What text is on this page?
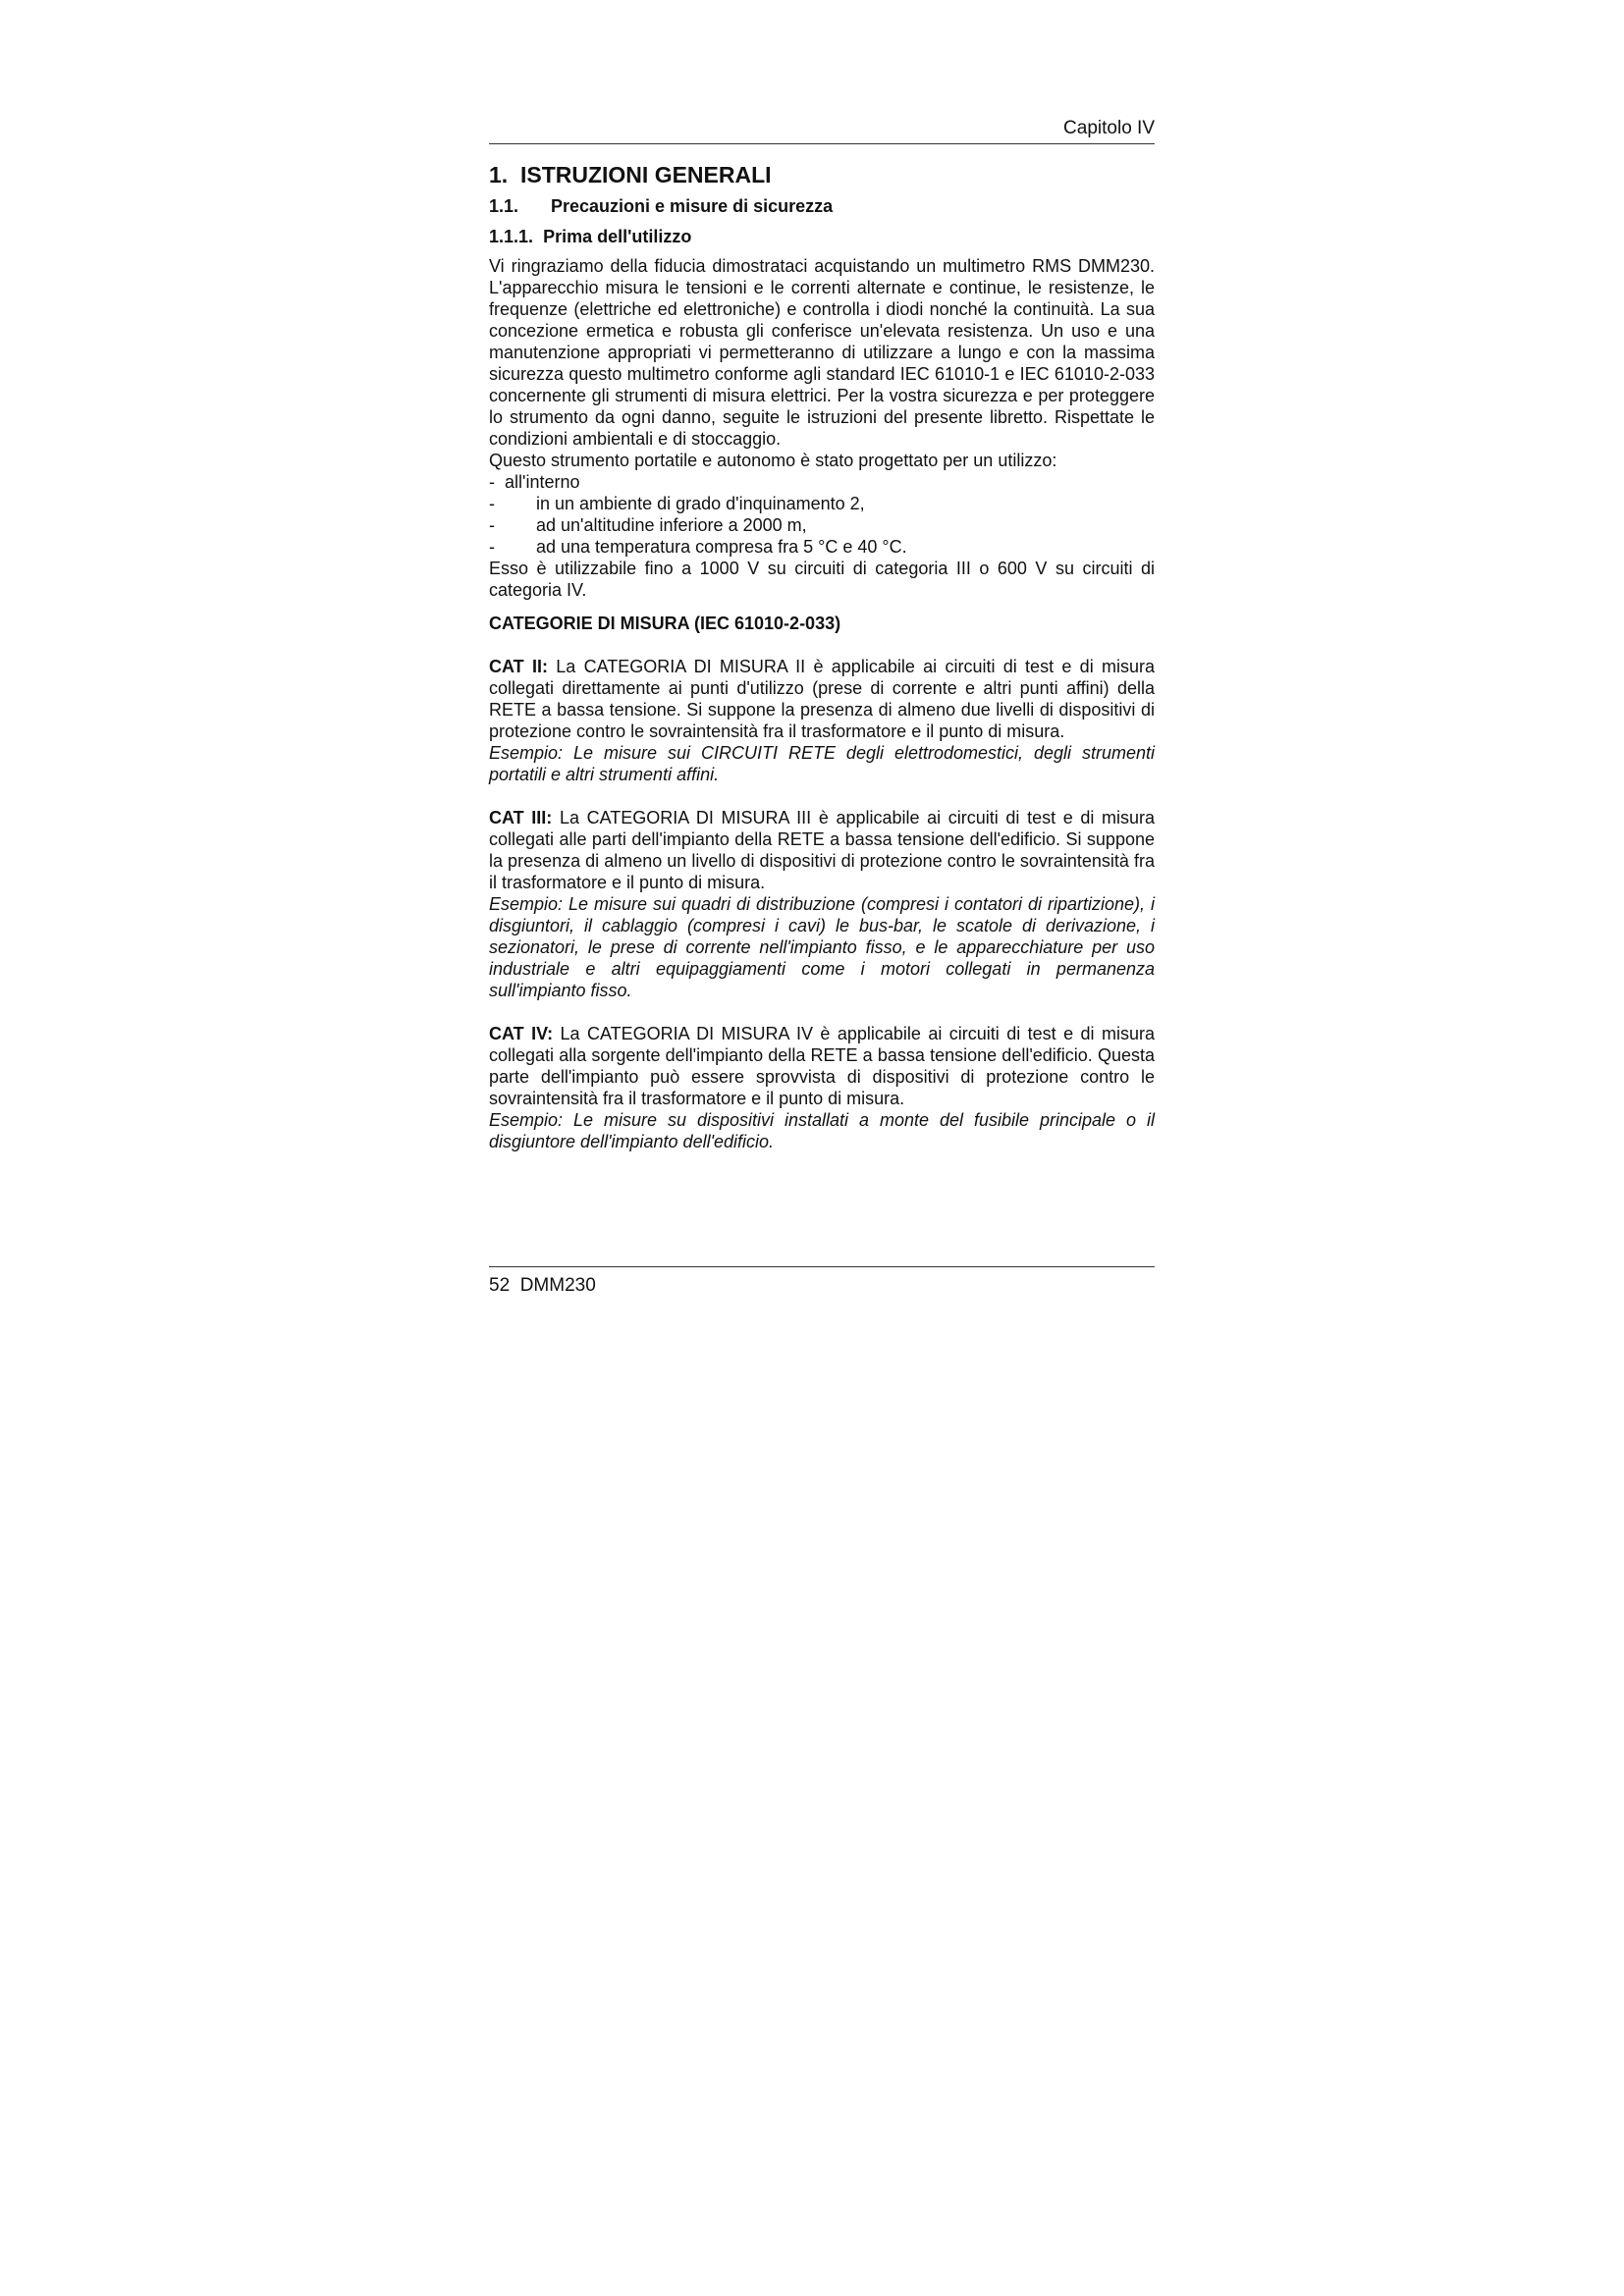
Capitolo IV
1. ISTRUZIONI GENERALI
1.1. Precauzioni e misure di sicurezza
1.1.1. Prima dell'utilizzo

Vi ringraziamo della fiducia dimostrataci acquistando un multimetro RMS DMM230. L'apparecchio misura le tensioni e le correnti alternate e continue, le resistenze, le frequenze (elettriche ed elettroniche) e controlla i diodi nonché la continuità. La sua concezione ermetica e robusta gli conferisce un'elevata resistenza. Un uso e una manutenzione appropriati vi permetteranno di utilizzare a lungo e con la massima sicurezza questo multimetro conforme agli standard IEC 61010-1 e IEC 61010-2-033 concernente gli strumenti di misura elettrici. Per la vostra sicurezza e per proteggere lo strumento da ogni danno, seguite le istruzioni del presente libretto. Rispettate le condizioni ambientali e di stoccaggio.

Questo strumento portatile e autonomo è stato progettato per un utilizzo:

- all'interno
-	in un ambiente di grado d'inquinamento 2,
-	ad un'altitudine inferiore a 2000 m,
-	ad una temperatura compresa fra 5 °C e 40 °C.

Esso è utilizzabile fino a 1000 V su circuiti di categoria III o 600 V su circuiti di categoria IV.

CATEGORIE DI MISURA (IEC 61010-2-033)

CAT II: La CATEGORIA DI MISURA II è applicabile ai circuiti di test e di misura collegati direttamente ai punti d'utilizzo (prese di corrente e altri punti affini) della RETE a bassa tensione. Si suppone la presenza di almeno due livelli di dispositivi di protezione contro le sovraintensità fra il trasformatore e il punto di misura.

Esempio: Le misure sui CIRCUITI RETE degli elettrodomestici, degli strumenti portatili e altri strumenti affini.

CAT III: La CATEGORIA DI MISURA III è applicabile ai circuiti di test e di misura collegati alle parti dell'impianto della RETE a bassa tensione dell'edificio. Si suppone la presenza di almeno un livello di dispositivi di protezione contro le sovraintensità fra il trasformatore e il punto di misura.

Esempio: Le misure sui quadri di distribuzione (compresi i contatori di ripartizione), i disgiuntori, il cablaggio (compresi i cavi) le bus-bar, le scatole di derivazione, i sezionatori, le prese di corrente nell'impianto fisso, e le apparecchiature per uso industriale e altri equipaggiamenti come i motori collegati in permanenza sull'impianto fisso.

CAT IV: La CATEGORIA DI MISURA IV è applicabile ai circuiti di test e di misura collegati alla sorgente dell'impianto della RETE a bassa tensione dell'edificio. Questa parte dell'impianto può essere sprovvista di dispositivi di protezione contro le sovraintensità fra il trasformatore e il punto di misura.

Esempio: Le misure su dispositivi installati a monte del fusibile principale o il disgiuntore dell'impianto dell'edificio.

52  DMM230
